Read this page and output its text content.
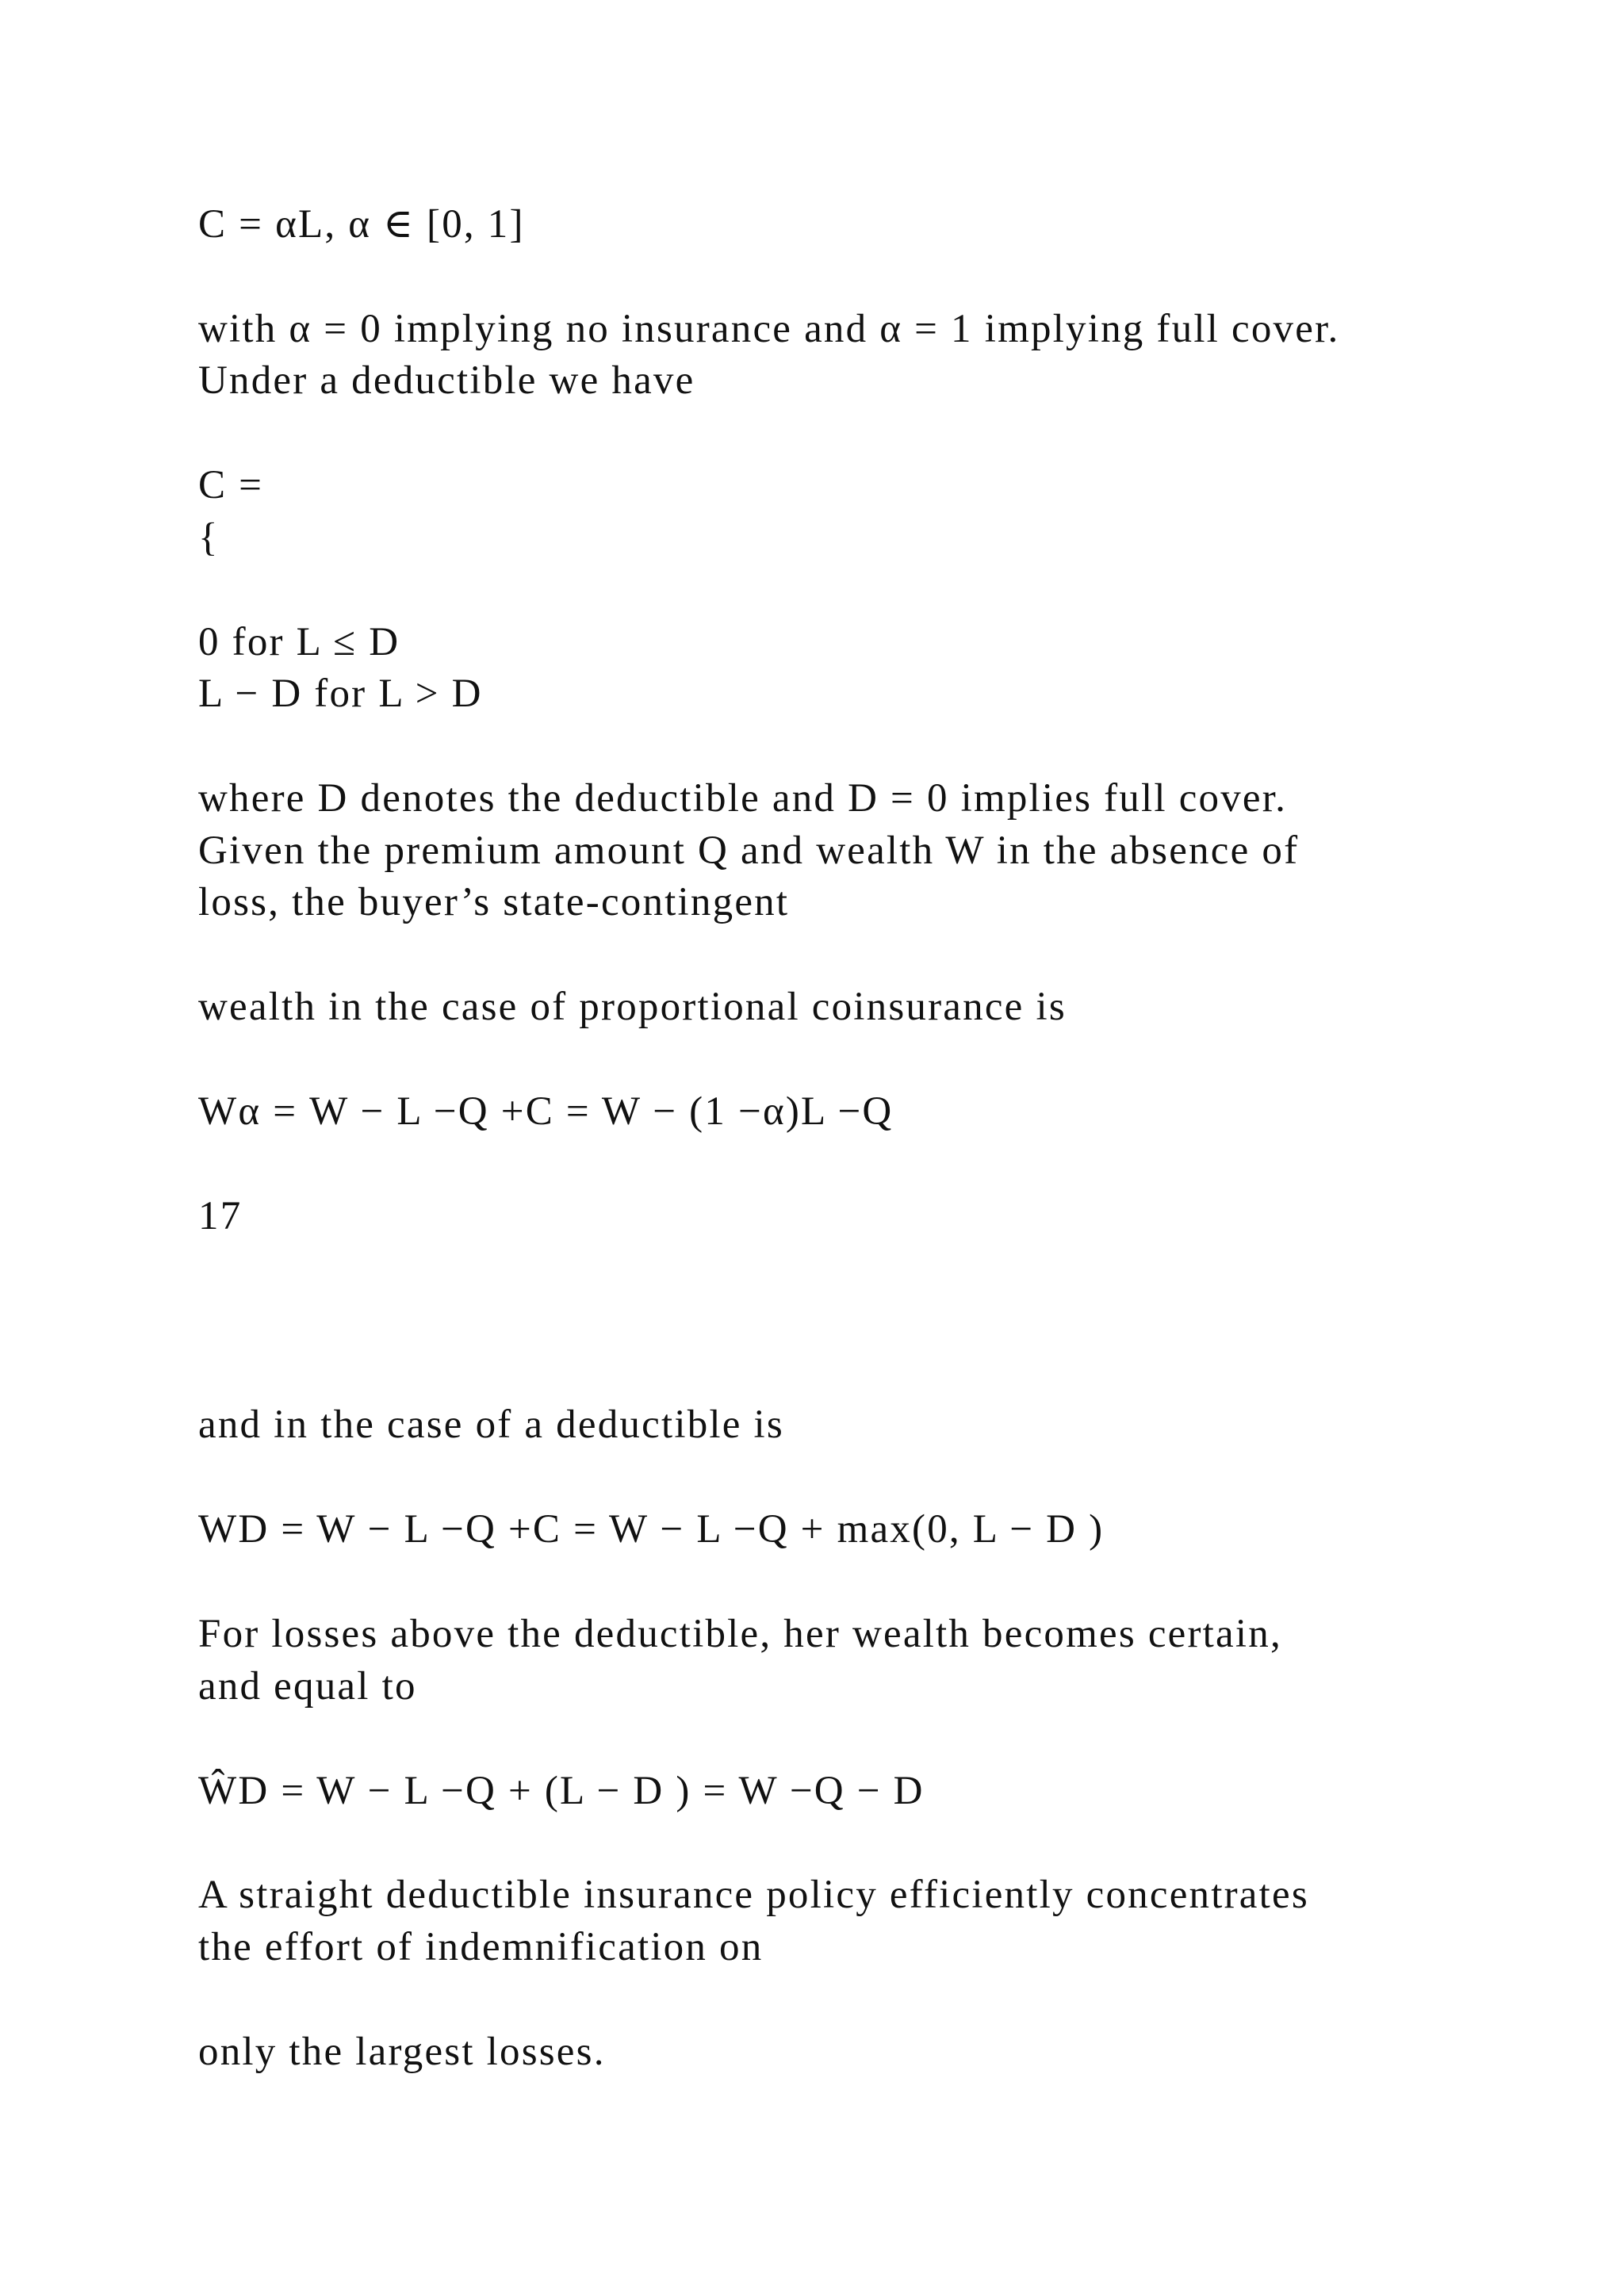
C = αL, α ∈ [0, 1]
with α = 0 implying no insurance and α = 1 implying full cover.
Under a deductible we have
C =
{
0 for L ≤ D
L − D for L > D
where D denotes the deductible and D = 0 implies full cover.
Given the premium amount Q and wealth W in the absence of
loss, the buyer’s state-contingent
wealth in the case of proportional coinsurance is
Wα = W − L −Q +C = W − (1 −α)L −Q
17
and in the case of a deductible is
WD = W − L −Q +C = W − L −Q + max(0, L − D )
For losses above the deductible, her wealth becomes certain,
and equal to
ŴD = W − L −Q + (L − D ) = W −Q − D
A straight deductible insurance policy efficiently concentrates
the effort of indemnification on
only the largest losses.
